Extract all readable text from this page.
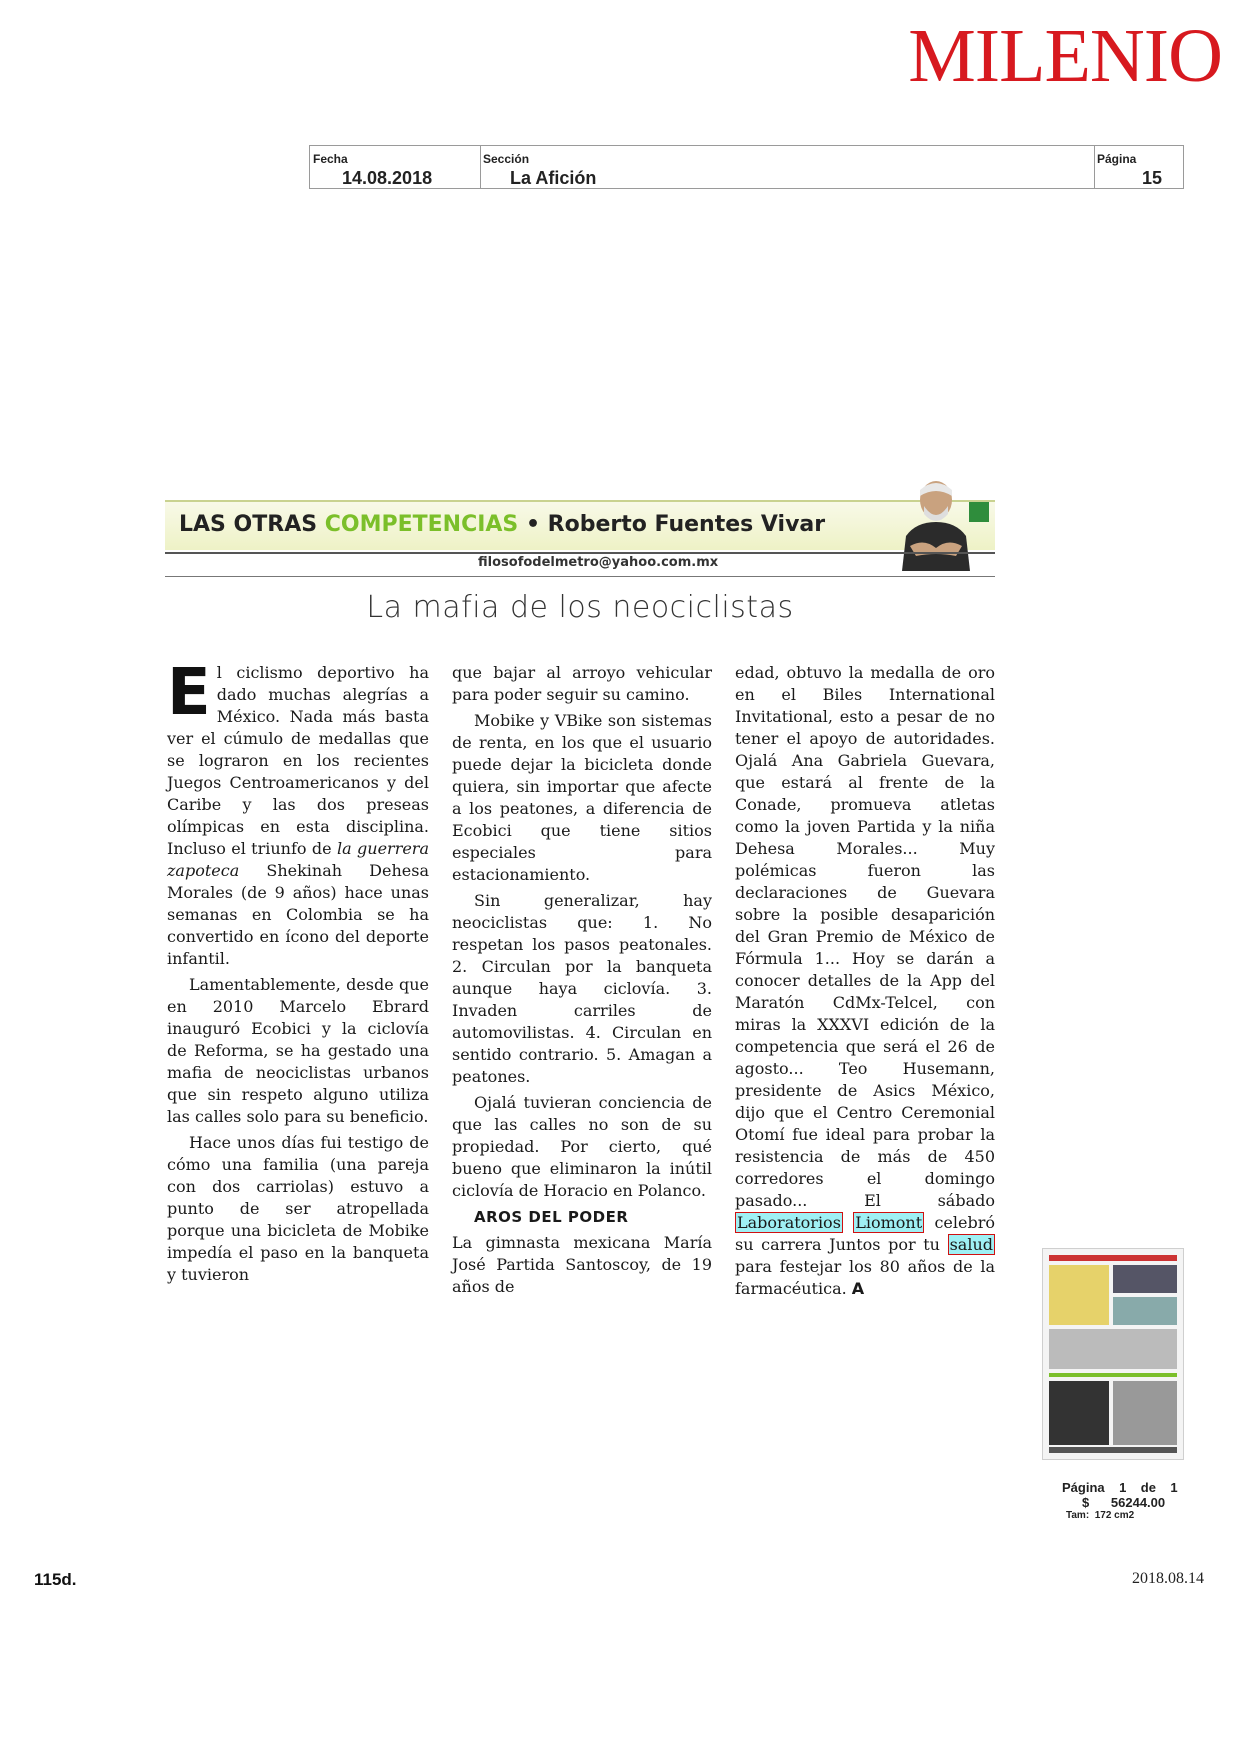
MILENIO
Fecha
14.08.2018
Sección
La Afición
Página
15
LAS OTRAS COMPETENCIAS • Roberto Fuentes Vivar
filosofodelmetro@yahoo.com.mx
La mafia de los neociclistas

El ciclismo deportivo ha dado muchas alegrías a México. Nada más basta ver el cúmulo de medallas que se lograron en los recientes Juegos Centroamericanos y del Caribe y las dos preseas olímpicas en esta disciplina. Incluso el triunfo de la guerrera zapoteca Shekinah Dehesa Morales (de 9 años) hace unas semanas en Colombia se ha convertido en ícono del deporte infantil.

Lamentablemente, desde que en 2010 Marcelo Ebrard inauguró Ecobici y la ciclovía de Reforma, se ha gestado una mafia de neociclistas urbanos que sin respeto alguno utiliza las calles solo para su beneficio.

Hace unos días fui testigo de cómo una familia (una pareja con dos carriolas) estuvo a punto de ser atropellada porque una bicicleta de Mobike impedía el paso en la banqueta y tuvieron

que bajar al arroyo vehicular para poder seguir su camino.

Mobike y VBike son sistemas de renta, en los que el usuario puede dejar la bicicleta donde quiera, sin importar que afecte a los peatones, a diferencia de Ecobici que tiene sitios especiales para estacionamiento.

Sin generalizar, hay neociclistas que: 1. No respetan los pasos peatonales. 2. Circulan por la banqueta aunque haya ciclovía. 3. Invaden carriles de automovilistas. 4. Circulan en sentido contrario. 5. Amagan a peatones.

Ojalá tuvieran conciencia de que las calles no son de su propiedad. Por cierto, qué bueno que eliminaron la inútil ciclovía de Horacio en Polanco.

AROS DEL PODER

La gimnasta mexicana María José Partida Santoscoy, de 19 años de

edad, obtuvo la medalla de oro en el Biles International Invitational, esto a pesar de no tener el apoyo de autoridades. Ojalá Ana Gabriela Guevara, que estará al frente de la Conade, promueva atletas como la joven Partida y la niña Dehesa Morales... Muy polémicas fueron las declaraciones de Guevara sobre la posible desaparición del Gran Premio de México de Fórmula 1... Hoy se darán a conocer detalles de la App del Maratón CdMx-Telcel, con miras la XXXVI edición de la competencia que será el 26 de agosto... Teo Husemann, presidente de Asics México, dijo que el Centro Ceremonial Otomí fue ideal para probar la resistencia de más de 450 corredores el domingo pasado... El sábado Laboratorios Liomont celebró su carrera Juntos por tu salud para festejar los 80 años de la farmacéutica. A

Página 1 de 1
$ 56244.00
Tam: 172 cm2
115d.	2018.08.14
